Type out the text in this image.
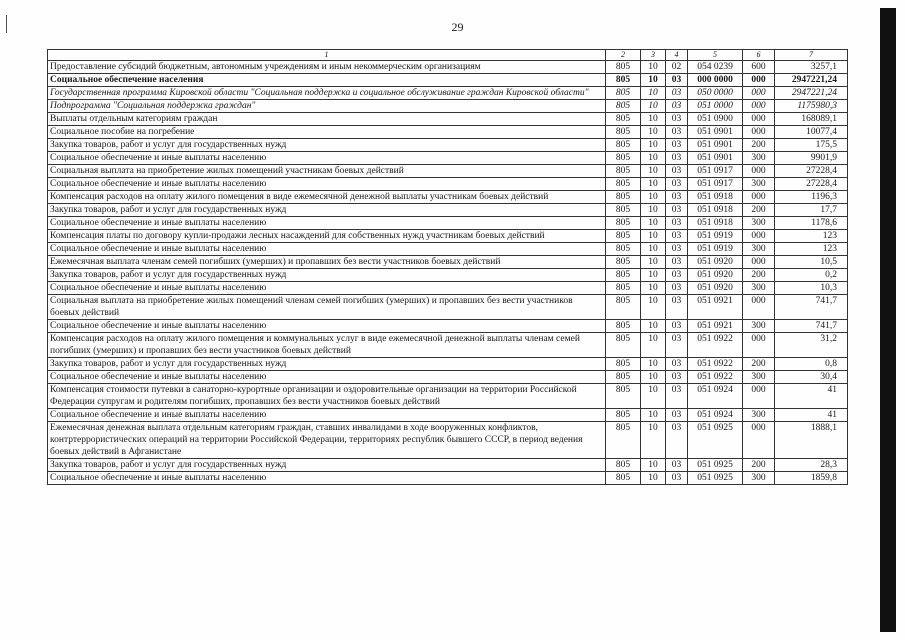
29
1	2	3	4	5	6	7
Предоставление субсидий бюджетным, автономным учреждениям и иным некоммерческим организациям	805	10	02	054 0239	600	3257,1
Социальное обеспечение населения	805	10	03	000 0000	000	2947221,24
Государственная программа Кировской области "Социальная поддержка и социальное обслуживание граждан Кировской области"	805	10	03	050 0000	000	2947221,24
Подпрограмма "Социальная поддержка граждан"	805	10	03	051 0000	000	1175980,3
Выплаты отдельным категориям граждан	805	10	03	051 0900	000	168089,1
Социальное пособие на погребение	805	10	03	051 0901	000	10077,4
Закупка товаров, работ и услуг для государственных нужд	805	10	03	051 0901	200	175,5
Социальное обеспечение и иные выплаты населению	805	10	03	051 0901	300	9901,9
Социальная выплата на приобретение жилых помещений участникам боевых действий	805	10	03	051 0917	000	27228,4
Социальное обеспечение и иные выплаты населению	805	10	03	051 0917	300	27228,4
Компенсация расходов на оплату жилого помещения в виде ежемесячной денежной выплаты участникам боевых действий	805	10	03	051 0918	000	1196,3
Закупка товаров, работ и услуг для государственных нужд	805	10	03	051 0918	200	17,7
Социальное обеспечение и иные выплаты населению	805	10	03	051 0918	300	1178,6
Компенсация платы по договору купли-продажи лесных насаждений для собственных нужд участникам боевых действий	805	10	03	051 0919	000	123
Социальное обеспечение и иные выплаты населению	805	10	03	051 0919	300	123
Ежемесячная выплата членам семей погибших (умерших) и пропавших без вести участников боевых действий	805	10	03	051 0920	000	10,5
Закупка товаров, работ и услуг для государственных нужд	805	10	03	051 0920	200	0,2
Социальное обеспечение и иные выплаты населению	805	10	03	051 0920	300	10,3
Социальная выплата на приобретение жилых помещений членам семей погибших (умерших) и пропавших без вести участников боевых действий	805	10	03	051 0921	000	741,7
Социальное обеспечение и иные выплаты населению	805	10	03	051 0921	300	741,7
Компенсация расходов на оплату жилого помещения и коммунальных услуг в виде ежемесячной денежной выплаты членам семей погибших (умерших) и пропавших без вести участников боевых действий	805	10	03	051 0922	000	31,2
Закупка товаров, работ и услуг для государственных нужд	805	10	03	051 0922	200	0,8
Социальное обеспечение и иные выплаты населению	805	10	03	051 0922	300	30,4
Компенсация стоимости путевки в санаторно-курортные организации и оздоровительные организации на территории Российской Федерации супругам и родителям погибших, пропавших без вести участников боевых действий	805	10	03	051 0924	000	41
Социальное обеспечение и иные выплаты населению	805	10	03	051 0924	300	41
Ежемесячная денежная выплата отдельным категориям граждан, ставших инвалидами в ходе вооруженных конфликтов, контртеррористических операций на территории Российской Федерации, территориях республик бывшего СССР, в период ведения боевых действий в Афганистане	805	10	03	051 0925	000	1888,1
Закупка товаров, работ и услуг для государственных нужд	805	10	03	051 0925	200	28,3
Социальное обеспечение и иные выплаты населению	805	10	03	051 0925	300	1859,8
